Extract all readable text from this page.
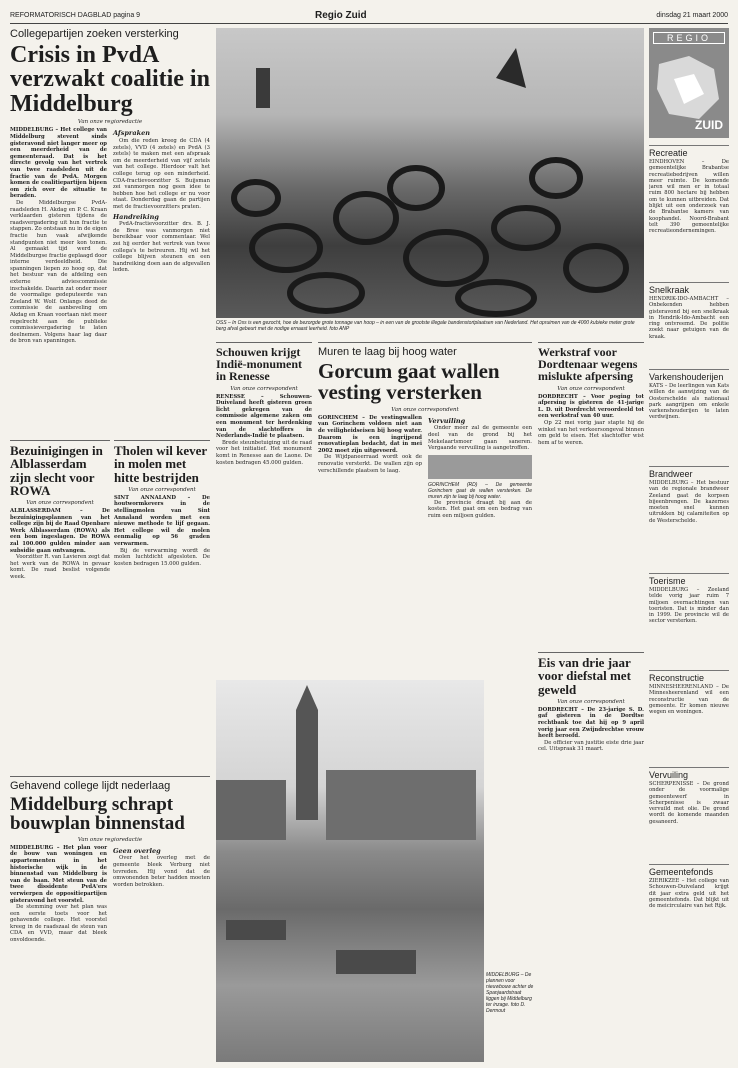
REFORMATORISCH DAGBLAD pagina 9	Regio Zuid	dinsdag 21 maart 2000
Collegepartijen zoeken versterking
Crisis in PvdA verzwakt coalitie in Middelburg
Van onze regioredactie
MIDDELBURG – Het college van Middelburg stevent sinds gisteravond niet langer meer op een meerderheid van de gemeenteraad. Dat is het directe gevolg van het vertrek van twee raadsleden uit de fractie van de PvdA. Morgen komen de coalitiepartijen bijeen om zich over de situatie te beraden.

De Middelburgse PvdA-raadsleden H. Akdag en P. C. Kraan verklaarden gisteren tijdens de raadsvergadering uit hun fractie te stappen. Zo ontstaan nu in de eigen fractie hun vaak afwijkende standpunten niet meer kon tonen. Al gemaakt tijd werd de Middelburgse fractie geplaagd door interne verdeeldheid. Die spanningen liepen zo hoog op, dat het bestuur van de afdeling een externe adviescommissie inschakelde. Daarin zat onder meer de voormalige gedeputeerde van Zeeland W. Wolf. Onlangs deed de commissie de aanbeveling om Akdag en Kraan voortaan niet meer regelrecht aan de publieke commissievergadering te laten deelnemen. Volgens haar lag daar de bron van spanningen.

Afspraken

Om die reden kreeg de CDA (4 zetels), VVD (4 zetels) en PvdA (3 zetels) te maken met een afspraak om de meerderheid van vijf zetels van het college. Hierdoor valt het college terug op een minderheid. CDA-fractievoorzitter S. Buijsman zei vanmorgen nog geen idee te hebben hoe het college er nu voor staat. Donderdag gaan de partijen met de fractievoorzitters praten.

Handreiking

PvdA-fractievoorzitter drs. B. J. de Bree was vanmorgen niet bereikbaar voor commentaar. Wel zei hij eerder het vertrek van twee collega's te betreuren. Hij wil het college blijven steunen en een handreiking doen aan de afgevallen leden.

OSS – In Oss is een gezocht, hoe de bezorgde grote tonnage van hoop – in een van de grootste illegale bandenstortplaatsen van Nederland. Het opruimen van de 4000 kubieke meter grote berg afval gebeurt met de nodige ernaast leerheid. foto ANP
REGIO
ZUID
Recreatie
EINDHOVEN – De gemeentelijke Brabantse recreatiebedrijven willen meer ruimte. De komende jaren wil men er in totaal ruim 800 hectare bij hebben om te kunnen uitbreiden. Dat blijkt uit een onderzoek van de Brabantse kamers van koophandel. Noord-Brabant telt 390 gemeentelijke recreatieondernemingen.
Snelkraak
HENDRIK-IDO-AMBACHT – Onbekenden hebben gisteravond bij een snelkraak in Hendrik-Ido-Ambacht een ring ontvreemd. De politie zoekt naar getuigen van de kraak.
Varkenshouderijen
KATS – De leerlingen van Kats willen de aanwijzing van de Oosterschelde als nationaal park aangrijpen om enkele varkenshouderijen te laten verdwijnen.
Brandweer
MIDDELBURG – Het bestuur van de regionale brandweer Zeeland gaat de korpsen bijeenbrengen. De kazernes moeten snel kunnen uitrukken bij calamiteiten op de Westerschelde.
Toerisme
MIDDELBURG – Zeeland telde vorig jaar ruim 7 miljoen overnachtingen van toeristen. Dat is minder dan in 1999. De provincie wil de sector versterken.
Reconstructie
MINNESHEERENLAND – De Minnesheerenland wil een reconstructie van de gemeente. Er komen nieuwe wegen en woningen.
Vervuiling
SCHERPENISSE – De grond onder de voormalige gemeentewerf in Scherpenisse is zwaar vervuild met olie. De grond wordt de komende maanden gesaneerd.
Gemeentefonds
ZIERIKZEE – Het college van Schouwen-Duiveland krijgt dit jaar extra geld uit het gemeentefonds. Dat blijkt uit de meicirculaire van het Rijk.
Bezuinigingen in Alblasserdam zijn slecht voor ROWA
Van onze correspondent
ALBLASSERDAM – De bezuinigingsplannen van het college zijn bij de Raad Openbare Werk Alblasserdam (ROWA) als een bom ingeslagen. De ROWA zal 100.000 gulden minder aan subsidie gaan ontvangen.

Voorzitter R. van Lavieren zegt dat het werk van de ROWA in gevaar komt. De raad beslist volgende week.

Tholen wil kever in molen met hitte bestrijden
Van onze correspondent
SINT ANNALAND – De houtwormkevers in de stellingmolen van Sint Annaland worden met een nieuwe methode te lijf gegaan. Het college wil de molen eenmalig op 56 graden verwarmen.

Bij de verwarming wordt de molen luchtdicht afgesloten. De kosten bedragen 15.000 gulden.

Schouwen krijgt Indië-monument in Renesse
Van onze correspondent
RENESSE – Schouwen-Duiveland heeft gisteren groen licht gekregen van de commissie algemene zaken om een monument ter herdenking van de slachtoffers in Nederlands-Indië te plaatsen.

Brede steunbetuiging uit de raad voor het initiatief. Het monument komt in Renesse aan de Laone. De kosten bedragen 45.000 gulden.

Muren te laag bij hoog water
Gorcum gaat wallen vesting versterken
Van onze correspondent
GORINCHEM – De vestingwallen van Gorinchem voldoen niet aan de veiligheidseisen bij hoog water. Daarom is een ingrijpend renovatieplan bedacht, dat in mei 2002 moet zijn uitgevoerd.

De Wijdpaneerraad wordt ook de renovatie versterkt. De wallen zijn op verschillende plaatsen te laag.

Vervuiling

Onder meer zal de gemeente een deel van de grond bij het Mekelaartsmoer gaan saneren. Vergaande vervuiling is aangetroffen.

GORINCHEM (RD) – De gemeente Gorinchem gaat de wallen versterken. De muren zijn te laag bij hoog water.

De provincie draagt bij aan de kosten. Het gaat om een bedrag van ruim een miljoen gulden.

Werkstraf voor Dordtenaar wegens mislukte afpersing
Van onze correspondent
DORDRECHT – Voor poging tot afpersing is gisteren de 41-jarige L. D. uit Dordrecht veroordeeld tot een werkstraf van 40 uur.

Op 22 mei vorig jaar stapte hij de winkel van het verkeersongeval binnen om geld te eisen. Het slachtoffer wist hem af te weren.

Eis van drie jaar voor diefstal met geweld
Van onze correspondent
DORDRECHT – De 23-jarige S. D. gaf gisteren in de Dordtse rechtbank toe dat hij op 9 april vorig jaar een Zwijndrechtse vrouw heeft beroofd.

De officier van justitie eiste drie jaar cel. Uitspraak 31 maart.

MIDDELBURG – De plannen voor nieuwbouw achter de Spanjaardstraat liggen bij Middelburg ter inzage. foto D. Dermout
Gehavend college lijdt nederlaag
Middelburg schrapt bouwplan binnenstad
Van onze regioredactie
MIDDELBURG – Het plan voor de bouw van woningen en appartementen in het historische wijk in de binnenstad van Middelburg is van de baan. Met steun van de twee dissidente PvdA'ers verwierpen de oppositiepartijen gisteravond het voorstel.

De stemming over het plan was een eerste toets voor het gehavende college. Het voorstel kreeg in de raadszaal de steun van CDA en VVD, maar dat bleek onvoldoende.

Geen overleg

Over het overleg met de gemeente bleek Verburg niet tevreden. Hij vond dat de omwonenden beter hadden moeten worden betrokken.
